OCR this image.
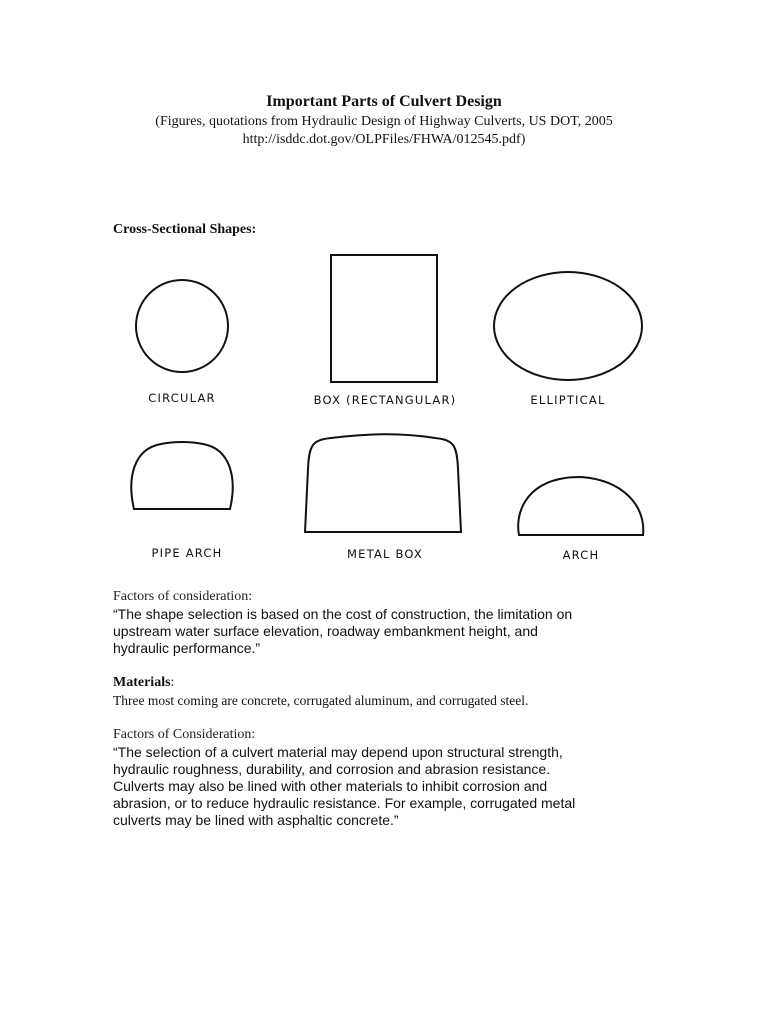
Important Parts of Culvert Design
(Figures, quotations from Hydraulic Design of Highway Culverts, US DOT, 2005
http://isddc.dot.gov/OLPFiles/FHWA/012545.pdf)
Cross-Sectional Shapes:
CIRCULAR	BOX (RECTANGULAR)	ELLIPTICAL
PIPE ARCH	METAL BOX	ARCH
Factors of consideration:
“The shape selection is based on the cost of construction, the limitation on
upstream water surface elevation, roadway embankment height, and
hydraulic performance.”
Materials:
Three most coming are concrete, corrugated aluminum, and corrugated steel.
Factors of Consideration:
“The selection of a culvert material may depend upon structural strength,
hydraulic roughness, durability, and corrosion and abrasion resistance.
Culverts may also be lined with other materials to inhibit corrosion and
abrasion, or to reduce hydraulic resistance. For example, corrugated metal
culverts may be lined with asphaltic concrete.”
